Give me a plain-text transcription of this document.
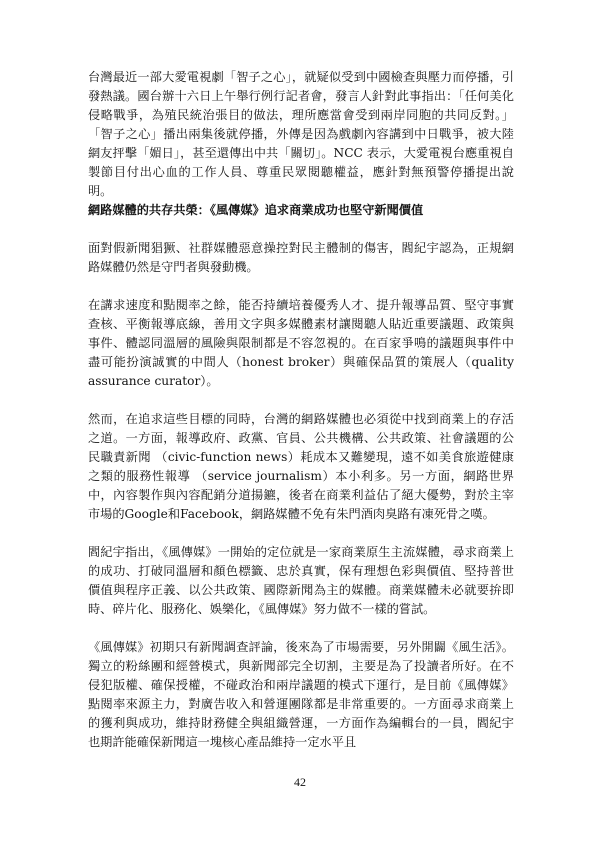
台灣最近一部大愛電視劇「智子之心」，就疑似受到中國檢查與壓力而停播，引發熱議。國台辦十六日上午舉行例行記者會，發言人針對此事指出：「任何美化侵略戰爭，為殖民統治張目的做法，理所應當會受到兩岸同胞的共同反對。」「智子之心」播出兩集後就停播，外傳是因為戲劇內容講到中日戰爭，被大陸網友抨擊「媚日」，甚至還傳出中共「關切」。NCC 表示，大愛電視台應重視自製節目付出心血的工作人員、尊重民眾閱聽權益，應針對無預警停播提出說明。

網路媒體的共存共榮：《風傳媒》追求商業成功也堅守新聞價值

面對假新聞猖獗、社群媒體惡意操控對民主體制的傷害，閻紀宇認為，正規網路媒體仍然是守門者與發動機。

在講求速度和點閱率之餘，能否持續培養優秀人才、提升報導品質、堅守事實查核、平衡報導底線，善用文字與多媒體素材讓閱聽人貼近重要議題、政策與事件、體認同溫層的風險與限制都是不容忽視的。在百家爭鳴的議題與事件中盡可能扮演誠實的中間人（honest broker）與確保品質的策展人（quality assurance curator）。

然而，在追求這些目標的同時，台灣的網路媒體也必須從中找到商業上的存活之道。一方面，報導政府、政黨、官員、公共機構、公共政策、社會議題的公民職責新聞 （civic-function news）耗成本又難變現，遠不如美食旅遊健康之類的服務性報導 （service journalism）本小利多。另一方面，網路世界中，內容製作與內容配銷分道揚鑣，後者在商業利益佔了絕大優勢，對於主宰市場的Google和Facebook，網路媒體不免有朱門酒肉臭路有凍死骨之嘆。

閻紀宇指出，《風傳媒》一開始的定位就是一家商業原生主流媒體，尋求商業上的成功、打破同溫層和顏色標籤、忠於真實，保有理想色彩與價值、堅持普世價值與程序正義、以公共政策、國際新聞為主的媒體。商業媒體未必就要拚即時、碎片化、服務化、娛樂化，《風傳媒》努力做不一樣的嘗試。

《風傳媒》初期只有新聞調查評論，後來為了市場需要，另外開闢《風生活》。獨立的粉絲團和經營模式，與新聞部完全切割，主要是為了投讀者所好。在不侵犯版權、確保授權，不碰政治和兩岸議題的模式下運行，是目前《風傳媒》點閱率來源主力，對廣告收入和營運團隊都是非常重要的。一方面尋求商業上的獲利與成功，維持財務健全與組織營運，一方面作為編輯台的一員，閻紀宇也期許能確保新聞這一塊核心產品維持一定水平且

42
